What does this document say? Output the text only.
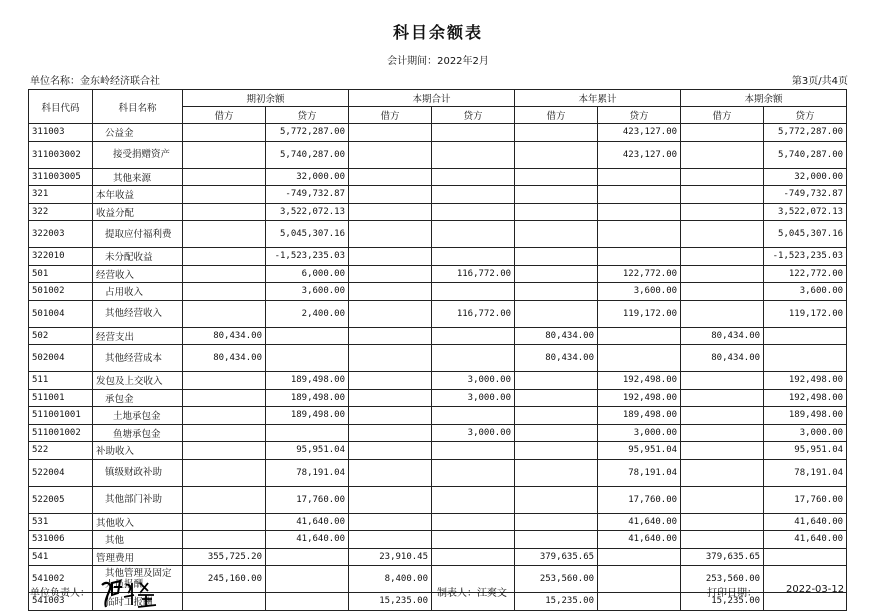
科目余额表
会计期间：2022年2月
单位名称：金东岭经济联合社	第3页/共4页
科目代码	科目名称	期初余额		本期合计		本年累计		本期余额	
		借方	贷方	借方	贷方	借方	贷方	借方	贷方
311003	公益金		5,772,287.00				423,127.00		5,772,287.00
311003002	接受捐赠资产		5,740,287.00				423,127.00		5,740,287.00
311003005	其他来源		32,000.00						32,000.00
321	本年收益		-749,732.87						-749,732.87
322	收益分配		3,522,072.13						3,522,072.13
322003	提取应付福利费		5,045,307.16						5,045,307.16
322010	未分配收益		-1,523,235.03						-1,523,235.03
501	经营收入		6,000.00		116,772.00		122,772.00		122,772.00
501002	占用收入		3,600.00				3,600.00		3,600.00
501004	其他经营收入		2,400.00		116,772.00		119,172.00		119,172.00
502	经营支出	80,434.00				80,434.00		80,434.00	
502004	其他经营成本	80,434.00				80,434.00		80,434.00	
511	发包及上交收入		189,498.00		3,000.00		192,498.00		192,498.00
511001	承包金		189,498.00		3,000.00		192,498.00		192,498.00
511001001	土地承包金		189,498.00				189,498.00		189,498.00
511001002	鱼塘承包金				3,000.00		3,000.00		3,000.00
522	补助收入		95,951.04				95,951.04		95,951.04
522004	镇级财政补助		78,191.04				78,191.04		78,191.04
522005	其他部门补助		17,760.00				17,760.00		17,760.00
531	其他收入		41,640.00				41,640.00		41,640.00
531006	其他		41,640.00				41,640.00		41,640.00
541	管理费用	355,725.20		23,910.45		379,635.65		379,635.65	
541002	其他管理及固定人员报酬	245,160.00		8,400.00		253,560.00		253,560.00	
541003	临时工报酬			15,235.00		15,235.00		15,235.00	
单位负责人：	制表人：江爽文	打印日期：	2022-03-12
